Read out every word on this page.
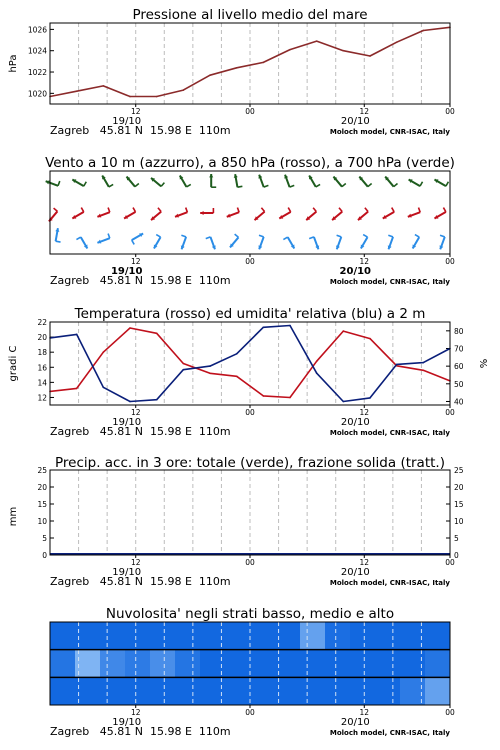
Pressione al livello medio del mare
12	00	12	00
19/10	20/10
Zagreb   45.81 N  15.98 E  110m	Moloch model, CNR-ISAC, Italy
1020
1022
1024
1026
hPa
Vento a 10 m (azzurro), a 850 hPa (rosso), a 700 hPa (verde)
12	00	12	00
19/10	20/10
Zagreb   45.81 N  15.98 E  110m	Moloch model, CNR-ISAC, Italy
Temperatura (rosso) ed umidita' relativa (blu) a 2 m
12	00	12	00
19/10	20/10
Zagreb   45.81 N  15.98 E  110m	Moloch model, CNR-ISAC, Italy
12
14
16
18
20
22
gradi C
40
50
60
70
80
%
Precip. acc. in 3 ore: totale (verde), frazione solida (tratt.)
12	00	12	00
19/10	20/10
Zagreb   45.81 N  15.98 E  110m	Moloch model, CNR-ISAC, Italy
0	0
5	5
10	10
15	15
20	20
25	25
mm
Nuvolosita' negli strati basso, medio e alto
12	00	12	00
19/10	20/10
Zagreb   45.81 N  15.98 E  110m	Moloch model, CNR-ISAC, Italy
